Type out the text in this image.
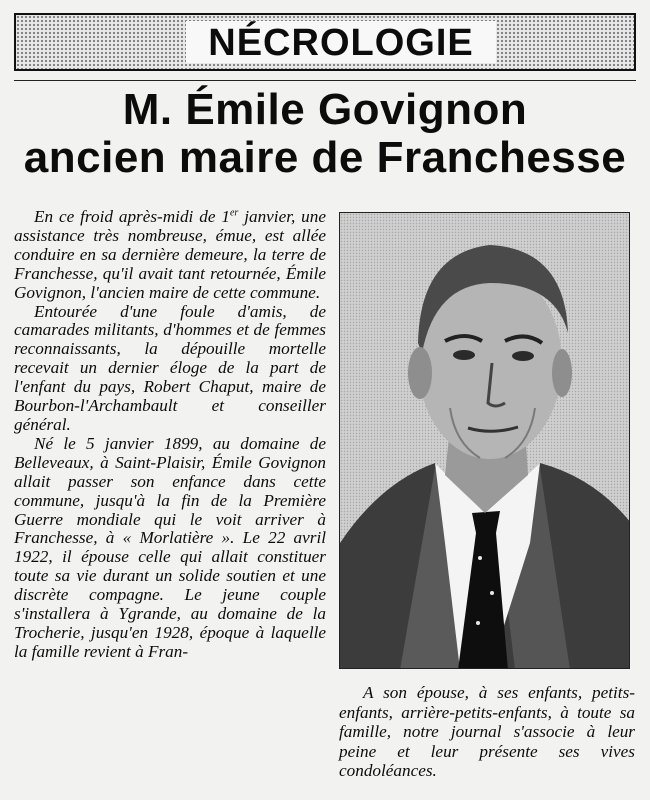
NÉCROLOGIE
M. Émile Govignon
ancien maire de Franchesse

En ce froid après-midi de 1er janvier, une assistance très nombreuse, émue, est allée conduire en sa dernière demeure, la terre de Franchesse, qu'il avait tant retournée, Émile Govignon, l'ancien maire de cette commune.

Entourée d'une foule d'amis, de camarades militants, d'hommes et de femmes reconnaissants, la dépouille mortelle recevait un dernier éloge de la part de l'enfant du pays, Robert Chaput, maire de Bourbon-l'Archambault et conseiller général.

Né le 5 janvier 1899, au domaine de Belleveaux, à Saint-Plaisir, Émile Govignon allait passer son enfance dans cette commune, jusqu'à la fin de la Première Guerre mondiale qui le voit arriver à Franchesse, à « Morlatière ». Le 22 avril 1922, il épouse celle qui allait constituer toute sa vie durant un solide soutien et une discrète compagne. Le jeune couple s'installera à Ygrande, au domaine de la Trocherie, jusqu'en 1928, époque à laquelle la famille revient à Fran-

A son épouse, à ses enfants, petits-enfants, arrière-petits-enfants, à toute sa famille, notre journal s'associe à leur peine et leur présente ses vives condoléances.
